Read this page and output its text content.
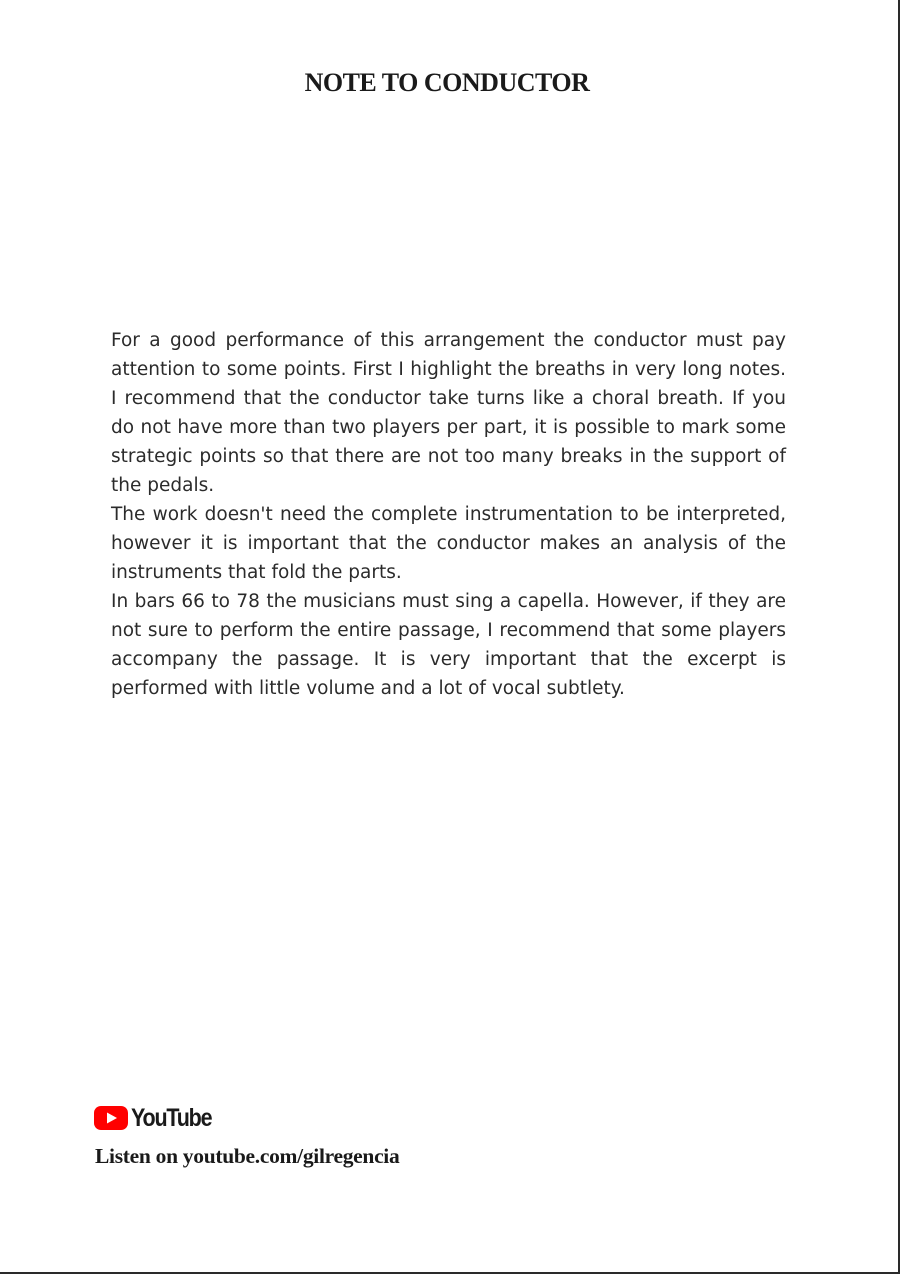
NOTE TO CONDUCTOR

For a good performance of this arrangement the conductor must pay attention to some points. First I highlight the breaths in very long notes. I recommend that the conductor take turns like a choral breath. If you do not have more than two players per part, it is possible to mark some strategic points so that there are not too many breaks in the support of the pedals.

The work doesn't need the complete instrumentation to be interpreted, however it is important that the conductor makes an analysis of the instruments that fold the parts.

In bars 66 to 78 the musicians must sing a capella. However, if they are not sure to perform the entire passage, I recommend that some players accompany the passage. It is very important that the excerpt is performed with little volume and a lot of vocal subtlety.

YouTube
Listen on youtube.com/gilregencia
